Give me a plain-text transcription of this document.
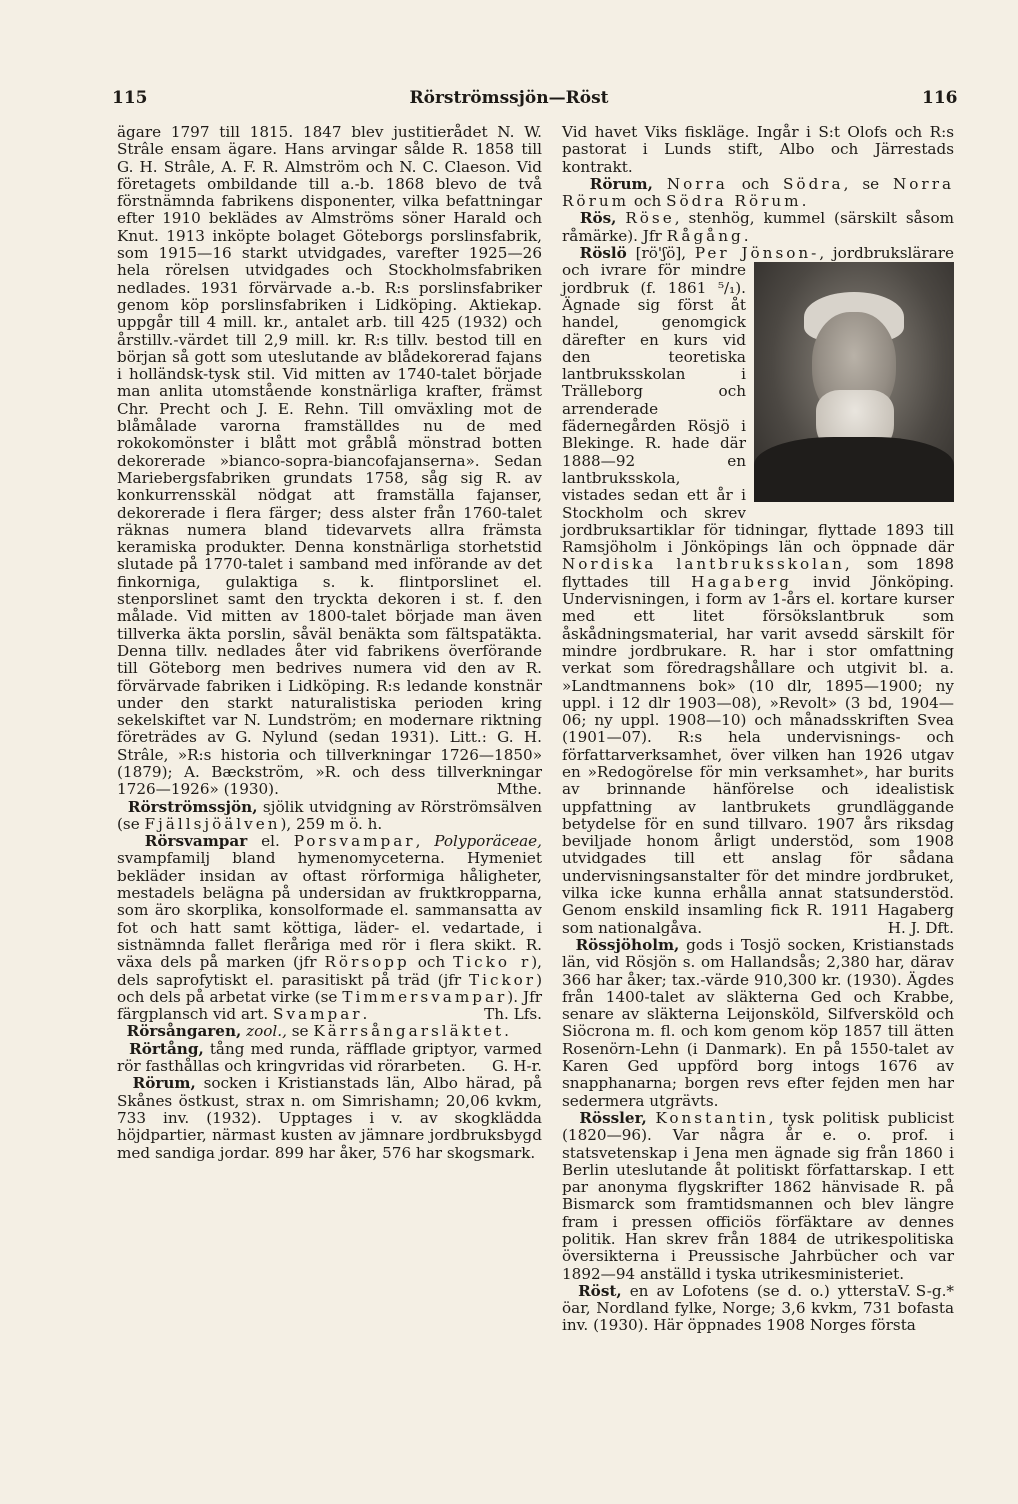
115	Rörströmssjön—Röst	116

ägare 1797 till 1815. 1847 blev justitierådet N. W. Strâle ensam ägare. Hans arvingar sålde R. 1858 till G. H. Strâle, A. F. R. Almström och N. C. Claeson. Vid företagets ombildande till a.-b. 1868 blevo de två förstnämnda fabrikens disponenter, vilka befattningar efter 1910 beklädes av Almströms söner Harald och Knut. 1913 inköpte bolaget Göteborgs porslinsfabrik, som 1915—16 starkt utvidgades, varefter 1925—26 hela rörelsen utvidgades och Stockholmsfabriken nedlades. 1931 förvärvade a.-b. R:s porslinsfabriker genom köp porslinsfabriken i Lidköping. Aktiekap. uppgår till 4 mill. kr., antalet arb. till 425 (1932) och årstillv.-värdet till 2,9 mill. kr. R:s tillv. bestod till en början så gott som uteslutande av blådekorerad fajans i holländsk-tysk stil. Vid mitten av 1740-talet började man anlita utomstående konstnärliga krafter, främst Chr. Precht och J. E. Rehn. Till omväxling mot de blåmålade varorna framställdes nu de med rokokomönster i blått mot gråblå mönstrad botten dekorerade »bianco-sopra-biancofajanserna». Sedan Mariebergsfabriken grundats 1758, såg sig R. av konkurrensskäl nödgat att framställa fajanser, dekorerade i flera färger; dess alster från 1760-talet räknas numera bland tidevarvets allra främsta keramiska produkter. Denna konstnärliga storhetstid slutade på 1770-talet i samband med införande av det finkorniga, gulaktiga s. k. flintporslinet el. stenporslinet samt den tryckta dekoren i st. f. den målade. Vid mitten av 1800-talet började man även tillverka äkta porslin, såväl benäkta som fältspatäkta. Denna tillv. nedlades åter vid fabrikens överförande till Göteborg men bedrives numera vid den av R. förvärvade fabriken i Lidköping. R:s ledande konstnär under den starkt naturalistiska perioden kring sekelskiftet var N. Lundström; en modernare riktning företrädes av G. Nylund (sedan 1931). Litt.: G. H. Strâle, »R:s historia och tillverkningar 1726—1850» (1879); A. Bæckström, »R. och dess tillverkningar 1726—1926» (1930).	Mthe.

Rörströmssjön, sjölik utvidgning av Rörströmsälven (se Fjällsjöälven), 259 m ö. h.

Rörsvampar el. Porsvampar, Polyporäceae, svampfamilj bland hymenomyceterna. Hymeniet bekläder insidan av oftast rörformiga håligheter, mestadels belägna på undersidan av fruktkropparna, som äro skorplika, konsolformade el. sammansatta av fot och hatt samt köttiga, läder- el. vedartade, i sistnämnda fallet fleråriga med rör i flera skikt. R. växa dels på marken (jfr Rörsopp och Ticko r), dels saprofytiskt el. parasitiskt på träd (jfr Tickor) och dels på arbetat virke (se Timmersvampar). Jfr färgplansch vid art. Svampar.	Th. Lfs.

Rörsångaren, zool., se Kärrsångarsläktet.

Rörtång, tång med runda, räfflade griptyor, varmed rör fasthållas och kringvridas vid rörarbeten. G. H-r.

Rörum, socken i Kristianstads län, Albo härad, på Skånes östkust, strax n. om Simrishamn; 20,06 kvkm, 733 inv. (1932). Upptages i v. av skogklädda höjdpartier, närmast kusten av jämnare jordbruksbygd med sandiga jordar. 899 har åker, 576 har skogsmark.

Vid havet Viks fiskläge. Ingår i S:t Olofs och R:s pastorat i Lunds stift, Albo och Järrestads kontrakt.

Rörum, Norra och Södra, se Norra Rörum och Södra Rörum.

Rös, Röse, stenhög, kummel (särskilt såsom råmärke). Jfr Rågång.

Röslö [rö'ʃö], Per Jönson-
, jordbrukslärare och ivrare för mindre jordbruk (f. 1861 ⁵/₁). Ägnade sig först åt handel, genomgick därefter en kurs vid den teoretiska lantbruksskolan i Trälleborg och arrenderade fädernegården Rösjö i Blekinge. R. hade där 1888—92 en lantbruksskola, vistades sedan ett år i Stockholm och skrev jordbruksartiklar för tidningar, flyttade 1893 till Ramsjöholm i Jönköpings län och öppnade där Nordiska lantbruksskolan, som 1898 flyttades till Hagaberg invid Jönköping. Undervisningen, i form av 1-års el. kortare kurser med ett litet försökslantbruk som åskådningsmaterial, har varit avsedd särskilt för mindre jordbrukare. R. har i stor omfattning verkat som föredragshållare och utgivit bl. a. »Landtmannens bok» (10 dlr, 1895—1900; ny uppl. i 12 dlr 1903—08), »Revolt» (3 bd, 1904—06; ny uppl. 1908—10) och månadsskriften Svea (1901—07). R:s hela undervisnings- och författarverksamhet, över vilken han 1926 utgav en »Redogörelse för min verksamhet», har burits av brinnande hänförelse och idealistisk uppfattning av lantbrukets grundläggande betydelse för en sund tillvaro. 1907 års riksdag beviljade honom årligt understöd, som 1908 utvidgades till ett anslag för sådana undervisningsanstalter för det mindre jordbruket, vilka icke kunna erhålla annat statsunderstöd. Genom enskild insamling fick R. 1911 Hagaberg som nationalgåva.	H. J. Dft.

Rössjöholm, gods i Tosjö socken, Kristianstads län, vid Rösjön s. om Hallandsås; 2,380 har, därav 366 har åker; tax.-värde 910,300 kr. (1930). Ägdes från 1400-talet av släkterna Ged och Krabbe, senare av släkterna Leijonsköld, Silfversköld och Siöcrona m. fl. och kom genom köp 1857 till ätten Rosenörn-Lehn (i Danmark). En på 1550-talet av Karen Ged uppförd borg intogs 1676 av snapphanarna; borgen revs efter fejden men har sedermera utgrävts.

Rössler, Konstantin, tysk politisk publicist (1820—96). Var några år e. o. prof. i statsvetenskap i Jena men ägnade sig från 1860 i Berlin uteslutande åt politiskt författarskap. I ett par anonyma flygskrifter 1862 hänvisade R. på Bismarck som framtidsmannen och blev längre fram i pressen officiös förfäktare av dennes politik. Han skrev från 1884 de utrikespolitiska översikterna i Preussische Jahrbücher och var 1892—94 anställd i tyska utrikesministeriet.
V. S-g.*

Röst, en av Lofotens (se d. o.) yttersta öar, Nordland fylke, Norge; 3,6 kvkm, 731 bofasta inv. (1930). Här öppnades 1908 Norges första
